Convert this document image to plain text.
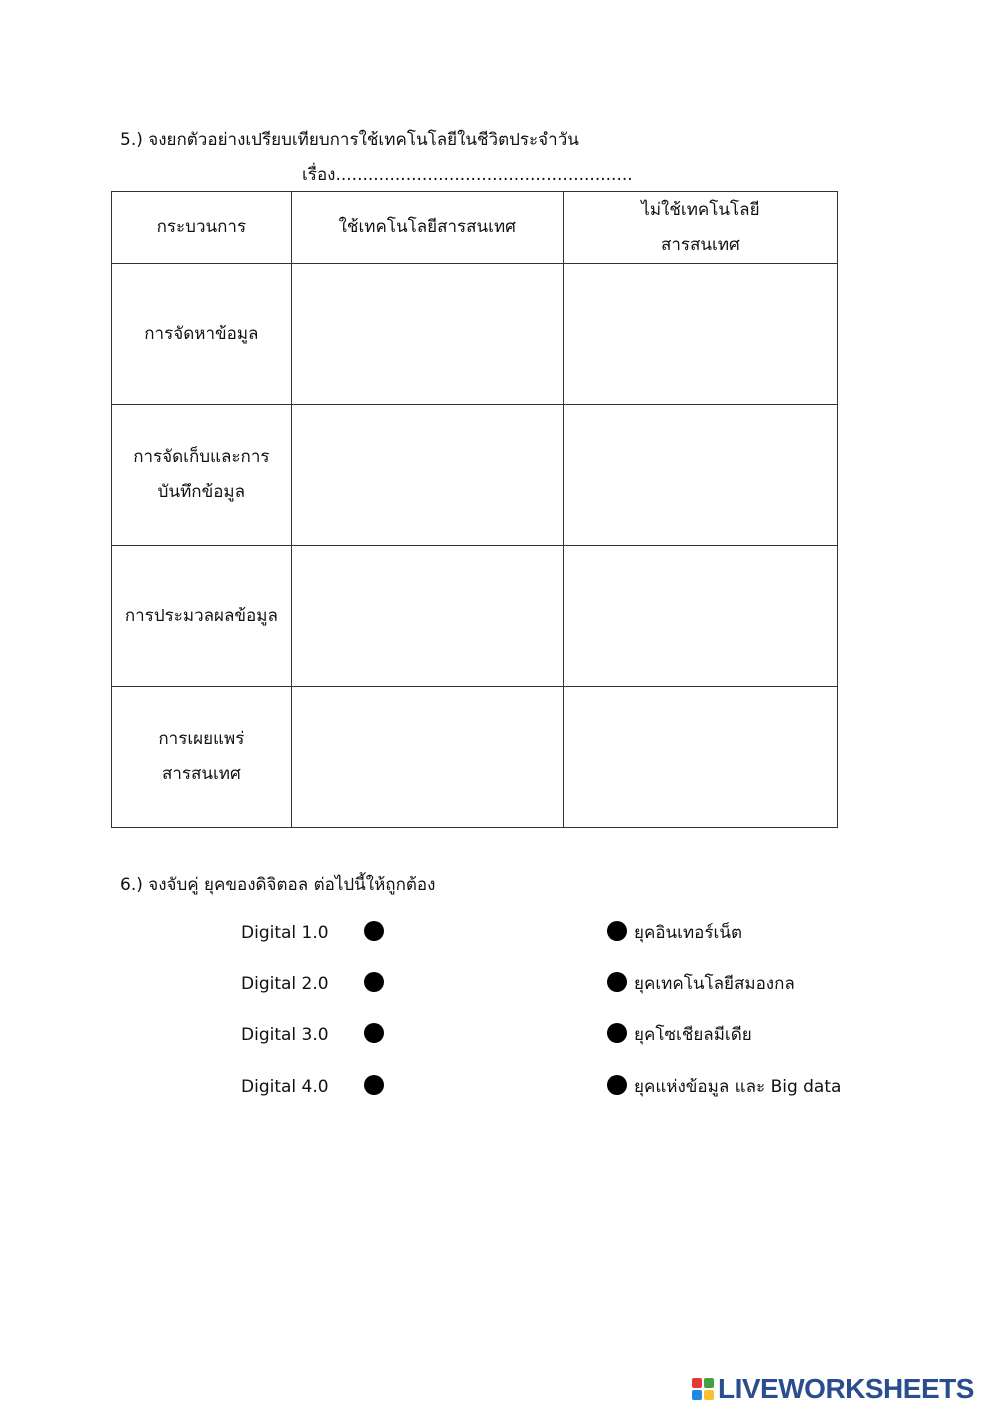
5.) จงยกตัวอย่างเปรียบเทียบการใช้เทคโนโลยีในชีวิตประจำวัน
เรื่อง.......................................................
กระบวนการ	ใช้เทคโนโลยีสารสนเทศ	ไม่ใช้เทคโนโลยี
สารสนเทศ

การจัดหาข้อมูล		

การจัดเก็บและการ
บันทึกข้อมูล		

การประมวลผลข้อมูล		

การเผยแพร่
สารสนเทศ		

6.) จงจับคู่ ยุคของดิจิตอล ต่อไปนี้ให้ถูกต้อง
Digital 1.0	ยุคอินเทอร์เน็ต
Digital 2.0	ยุคเทคโนโลยีสมองกล
Digital 3.0	ยุคโซเชียลมีเดีย
Digital 4.0	ยุคแห่งข้อมูล และ Big data
LIVEWORKSHEETS
